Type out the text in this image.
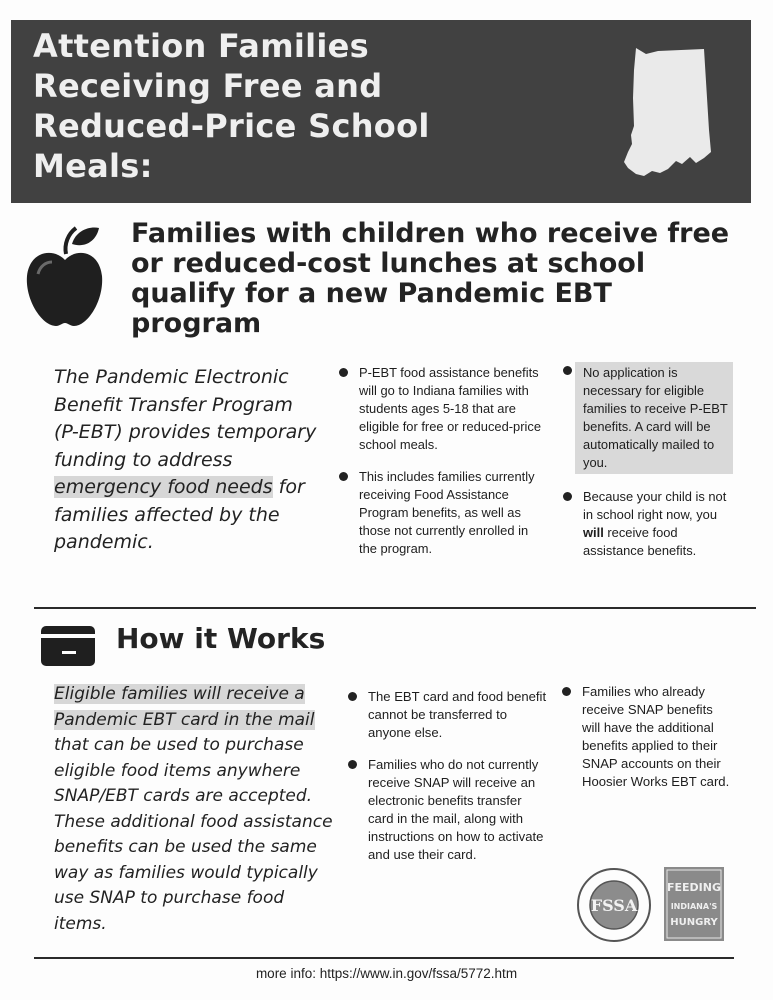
Attention Families Receiving Free and Reduced-Price School Meals:
Families with children who receive free or reduced-cost lunches at school qualify for a new Pandemic EBT program
The Pandemic Electronic Benefit Transfer Program (P-EBT) provides temporary funding to address emergency food needs for families affected by the pandemic.
P-EBT food assistance benefits will go to Indiana families with students ages 5-18 that are eligible for free or reduced-price school meals.
This includes families currently receiving Food Assistance Program benefits, as well as those not currently enrolled in the program.
No application is necessary for eligible families to receive P-EBT benefits. A card will be automatically mailed to you.
Because your child is not in school right now, you will receive food assistance benefits.
How it Works
Eligible families will receive a Pandemic EBT card in the mail that can be used to purchase eligible food items anywhere SNAP/EBT cards are accepted. These additional food assistance benefits can be used the same way as families would typically use SNAP to purchase food items.
The EBT card and food benefit cannot be transferred to anyone else.
Families who do not currently receive SNAP will receive an electronic benefits transfer card in the mail, along with instructions on how to activate and use their card.
Families who already receive SNAP benefits will have the additional benefits applied to their SNAP accounts on their Hoosier Works EBT card.
FSSA
FEEDING
INDIANA'S
HUNGRY
more info: https://www.in.gov/fssa/5772.htm
